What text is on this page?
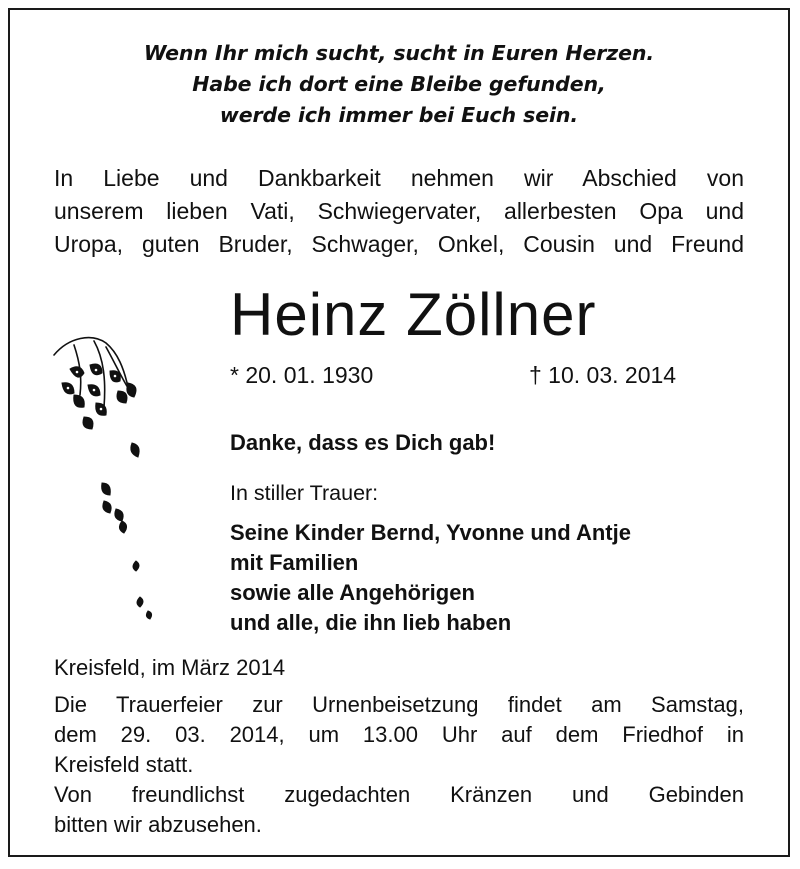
Wenn Ihr mich sucht, sucht in Euren Herzen.
Habe ich dort eine Bleibe gefunden,
werde ich immer bei Euch sein.
In Liebe und Dankbarkeit nehmen wir Abschied von
unserem lieben Vati, Schwiegervater, allerbesten Opa und
Uropa, guten Bruder, Schwager, Onkel, Cousin und Freund
Heinz Zöllner
* 20. 01. 1930	† 10. 03. 2014
Danke, dass es Dich gab!
In stiller Trauer:
Seine Kinder Bernd, Yvonne und Antje
mit Familien
sowie alle Angehörigen
und alle, die ihn lieb haben
Kreisfeld, im März 2014
Die Trauerfeier zur Urnenbeisetzung findet am Samstag,
dem 29. 03. 2014, um 13.00 Uhr auf dem Friedhof in
Kreisfeld statt.
Von freundlichst zugedachten Kränzen und Gebinden
bitten wir abzusehen.
